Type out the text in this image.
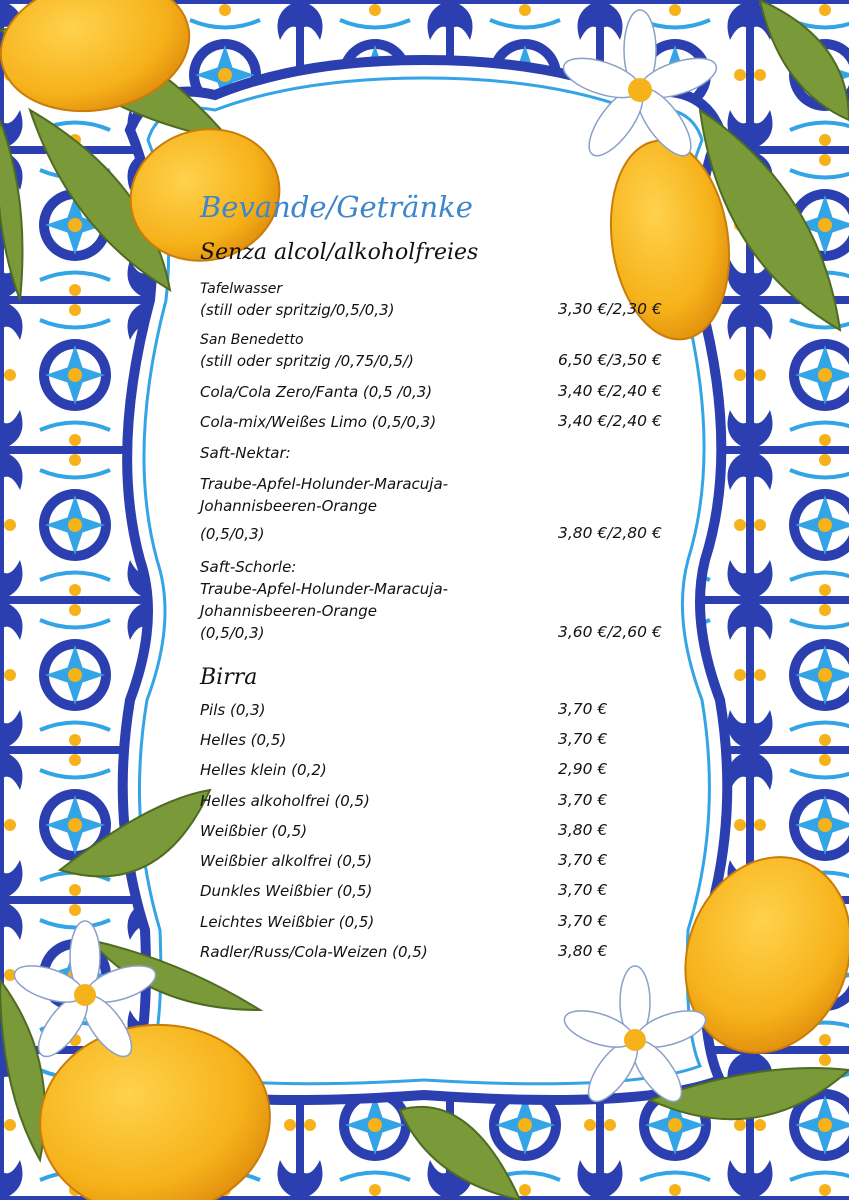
Bevande/Getränke
Senza alcol/alkoholfreies
Tafelwasser
(still oder spritzig/0,5/0,3)	3,30 €/2,30 €
San Benedetto
(still oder spritzig /0,75/0,5/)	6,50 €/3,50 €
Cola/Cola Zero/Fanta (0,5 /0,3)	3,40 €/2,40 €
Cola-mix/Weißes Limo (0,5/0,3)	3,40 €/2,40 €
Saft-Nektar:
Traube-Apfel-Holunder-Maracuja-
Johannisbeeren-Orange
(0,5/0,3)	3,80 €/2,80 €
Saft-Schorle:
Traube-Apfel-Holunder-Maracuja-
Johannisbeeren-Orange
(0,5/0,3)	3,60 €/2,60 €
Birra
Pils (0,3)	3,70 €
Helles (0,5)	3,70 €
Helles klein (0,2)	2,90 €
Helles alkoholfrei (0,5)	3,70 €
Weißbier (0,5)	3,80 €
Weißbier alkolfrei (0,5)	3,70 €
Dunkles Weißbier (0,5)	3,70 €
Leichtes Weißbier (0,5)	3,70 €
Radler/Russ/Cola-Weizen (0,5)	3,80 €
